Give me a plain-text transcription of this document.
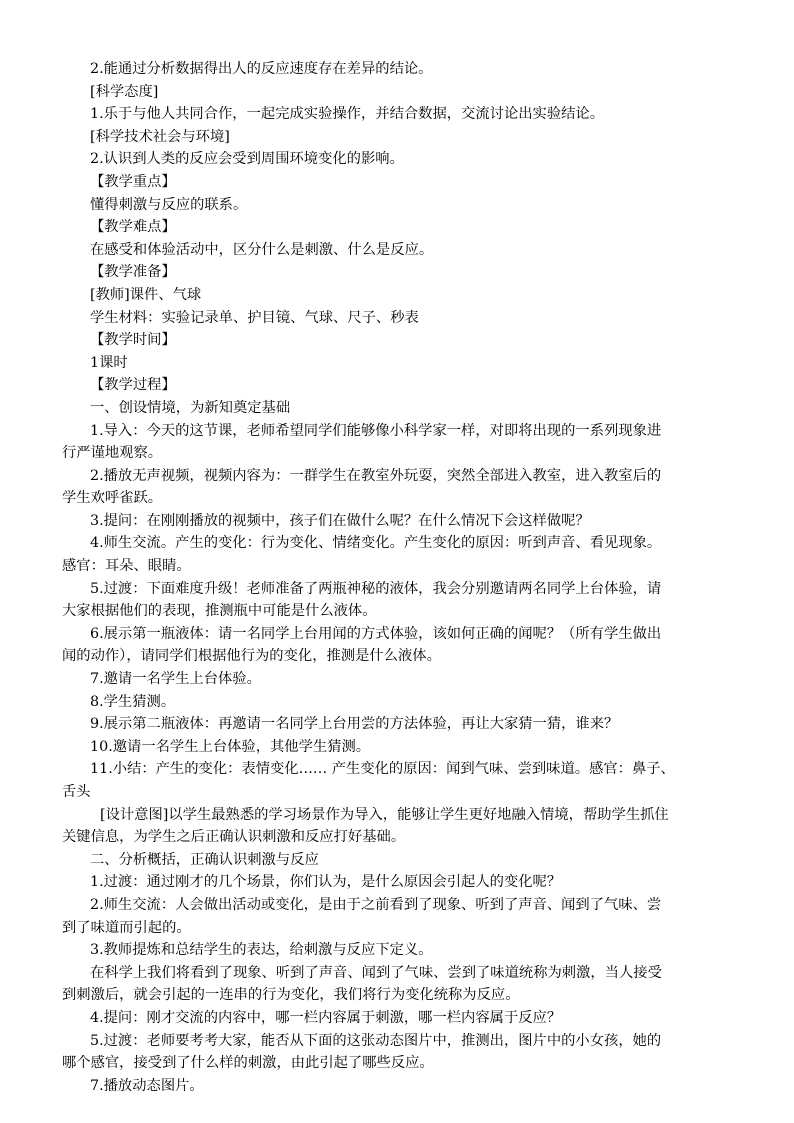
2.能通过分析数据得出人的反应速度存在差异的结论。
[科学态度]
1.乐于与他人共同合作，一起完成实验操作，并结合数据，交流讨论出实验结论。
[科学技术社会与环境]
2.认识到人类的反应会受到周围环境变化的影响。
【教学重点】
懂得刺激与反应的联系。
【教学难点】
在感受和体验活动中，区分什么是刺激、什么是反应。
【教学准备】
[教师]课件、气球
学生材料：实验记录单、护目镜、气球、尺子、秒表
【教学时间】
1课时
【教学过程】
一、创设情境，为新知奠定基础
1.导入：今天的这节课，老师希望同学们能够像小科学家一样，对即将出现的一系列现象进
行严谨地观察。
2.播放无声视频，视频内容为：一群学生在教室外玩耍，突然全部进入教室，进入教室后的
学生欢呼雀跃。
3.提问：在刚刚播放的视频中，孩子们在做什么呢？在什么情况下会这样做呢？
4.师生交流。产生的变化：行为变化、情绪变化。产生变化的原因：听到声音、看见现象。
感官：耳朵、眼睛。
5.过渡：下面难度升级！老师准备了两瓶神秘的液体，我会分别邀请两名同学上台体验，请
大家根据他们的表现，推测瓶中可能是什么液体。
6.展示第一瓶液体：请一名同学上台用闻的方式体验，该如何正确的闻呢？（所有学生做出
闻的动作），请同学们根据他行为的变化，推测是什么液体。
7.邀请一名学生上台体验。
8.学生猜测。
9.展示第二瓶液体：再邀请一名同学上台用尝的方法体验，再让大家猜一猜，谁来？
10.邀请一名学生上台体验，其他学生猜测。
11.小结：产生的变化：表情变化…… 产生变化的原因：闻到气味、尝到味道。感官：鼻子、
舌头
[设计意图]以学生最熟悉的学习场景作为导入，能够让学生更好地融入情境，帮助学生抓住
关键信息，为学生之后正确认识刺激和反应打好基础。
二、分析概括，正确认识刺激与反应
1.过渡：通过刚才的几个场景，你们认为，是什么原因会引起人的变化呢？
2.师生交流：人会做出活动或变化，是由于之前看到了现象、听到了声音、闻到了气味、尝
到了味道而引起的。
3.教师提炼和总结学生的表达，给刺激与反应下定义。
在科学上我们将看到了现象、听到了声音、闻到了气味、尝到了味道统称为刺激，当人接受
到刺激后，就会引起的一连串的行为变化，我们将行为变化统称为反应。
4.提问：刚才交流的内容中，哪一栏内容属于刺激，哪一栏内容属于反应？
5.过渡：老师要考考大家，能否从下面的这张动态图片中，推测出，图片中的小女孩，她的
哪个感官，接受到了什么样的刺激，由此引起了哪些反应。
7.播放动态图片。
